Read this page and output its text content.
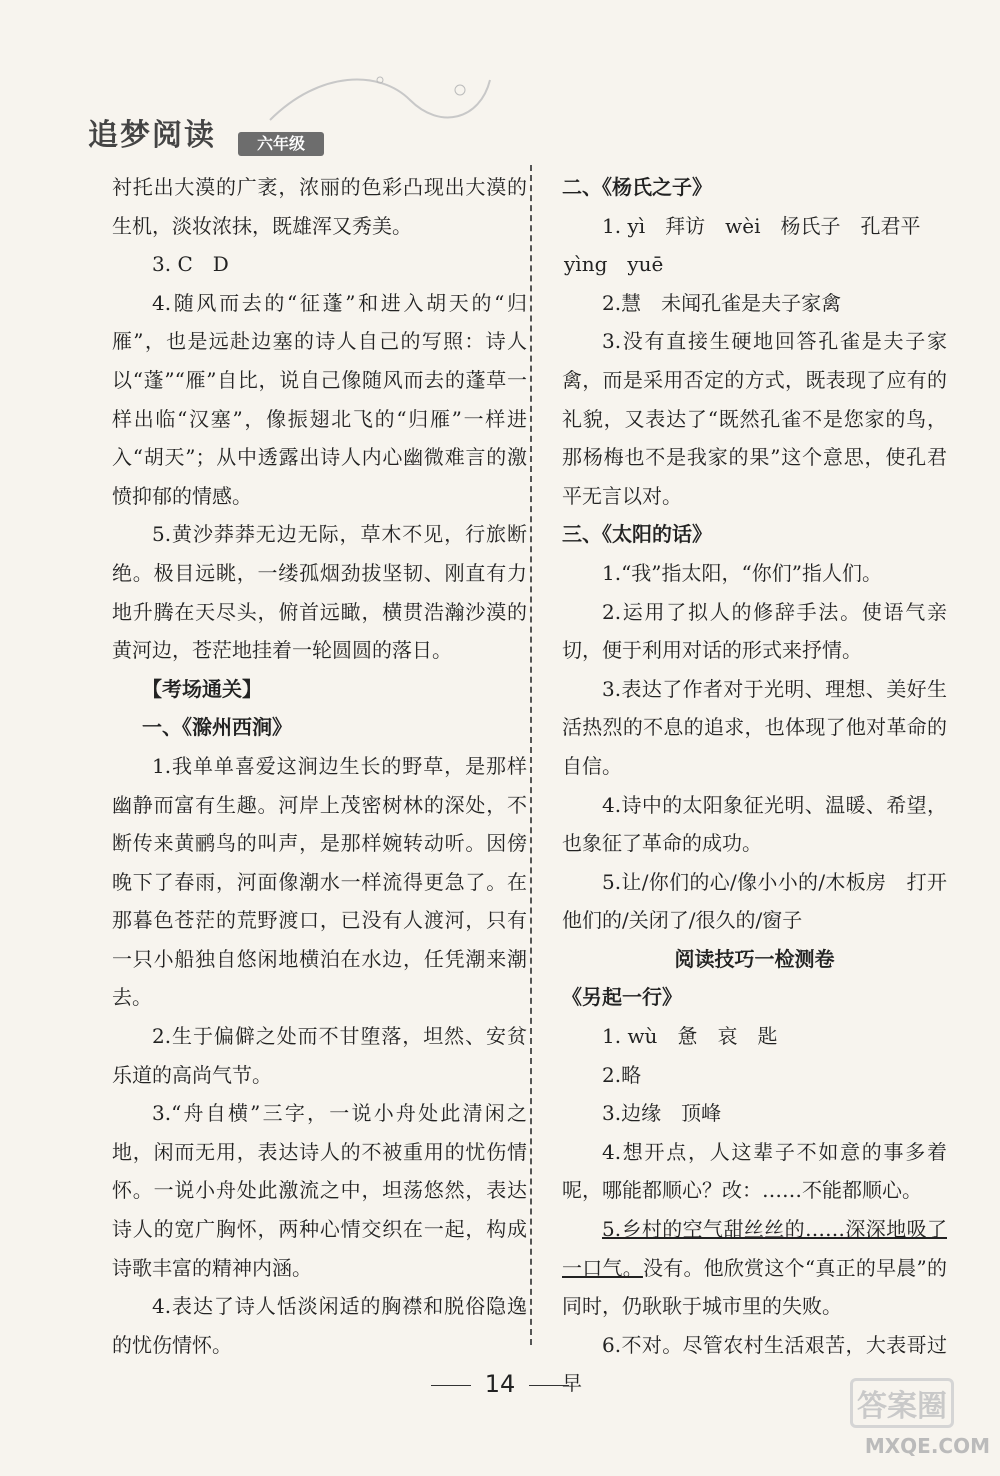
追梦阅读	六年级

衬托出大漠的广袤，浓丽的色彩凸现出大漠的生机，淡妆浓抹，既雄浑又秀美。

3. C　D

4.随风而去的“征蓬”和进入胡天的“归雁”，也是远赴边塞的诗人自己的写照：诗人以“蓬”“雁”自比，说自己像随风而去的蓬草一样出临“汉塞”，像振翅北飞的“归雁”一样进入“胡天”；从中透露出诗人内心幽微难言的激愤抑郁的情感。

5.黄沙莽莽无边无际，草木不见，行旅断绝。极目远眺，一缕孤烟劲拔坚韧、刚直有力地升腾在天尽头，俯首远瞰，横贯浩瀚沙漠的黄河边，苍茫地挂着一轮圆圆的落日。

【考场通关】

一、《滁州西涧》

1.我单单喜爱这涧边生长的野草，是那样幽静而富有生趣。河岸上茂密树林的深处，不断传来黄鹂鸟的叫声，是那样婉转动听。因傍晚下了春雨，河面像潮水一样流得更急了。在那暮色苍茫的荒野渡口，已没有人渡河，只有一只小船独自悠闲地横泊在水边，任凭潮来潮去。

2.生于偏僻之处而不甘堕落，坦然、安贫乐道的高尚气节。

3.“舟自横”三字，一说小舟处此清闲之地，闲而无用，表达诗人的不被重用的忧伤情怀。一说小舟处此激流之中，坦荡悠然，表达诗人的宽广胸怀，两种心情交织在一起，构成诗歌丰富的精神内涵。

4.表达了诗人恬淡闲适的胸襟和脱俗隐逸的忧伤情怀。

二、《杨氏之子》

1. yì　拜访　wèi　杨氏子　孔君平

yìng　yuē

2.慧　未闻孔雀是夫子家禽

3.没有直接生硬地回答孔雀是夫子家禽，而是采用否定的方式，既表现了应有的礼貌，又表达了“既然孔雀不是您家的鸟，那杨梅也不是我家的果”这个意思，使孔君平无言以对。

三、《太阳的话》

1.“我”指太阳，“你们”指人们。

2.运用了拟人的修辞手法。使语气亲切，便于利用对话的形式来抒情。

3.表达了作者对于光明、理想、美好生活热烈的不息的追求，也体现了他对革命的自信。

4.诗中的太阳象征光明、温暖、希望，也象征了革命的成功。

5.让/你们的心/像小小的/木板房　打开他们的/关闭了/很久的/窗子

阅读技巧一检测卷

《另起一行》

1. wù　惫　哀　匙

2.略

3.边缘　顶峰

4.想开点，人这辈子不如意的事多着呢，哪能都顺心？改：……不能都顺心。

5.乡村的空气甜丝丝的……深深地吸了一口气。没有。他欣赏这个“真正的早晨”的同时，仍耿耿于城市里的失败。

6.不对。尽管农村生活艰苦，大表哥过早

14
答案圈
MXQE.COM
